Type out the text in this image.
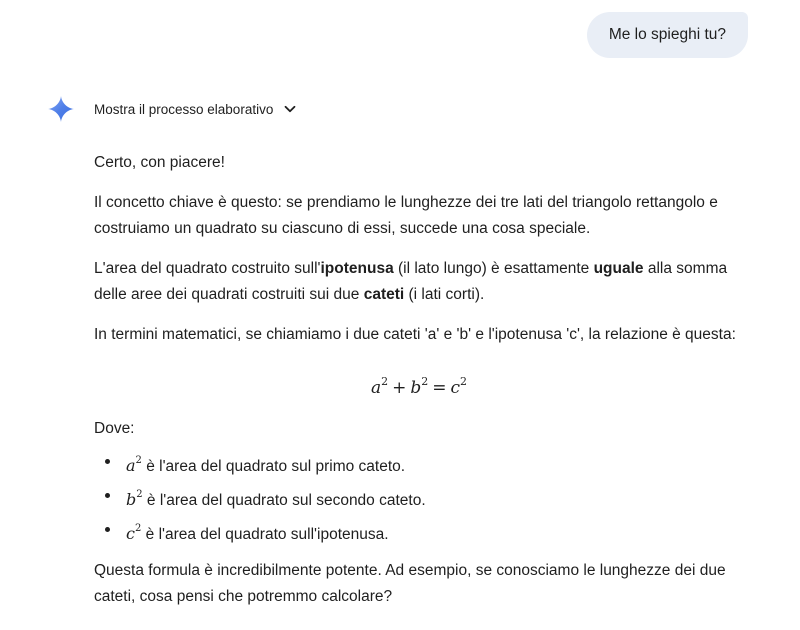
Me lo spieghi tu?
Mostra il processo elaborativo

Certo, con piacere!

Il concetto chiave è questo: se prendiamo le lunghezze dei tre lati del triangolo rettangolo e costruiamo un quadrato su ciascuno di essi, succede una cosa speciale.

L'area del quadrato costruito sull'ipotenusa (il lato lungo) è esattamente uguale alla somma delle aree dei quadrati costruiti sui due cateti (i lati corti).

In termini matematici, se chiamiamo i due cateti 'a' e 'b' e l'ipotenusa 'c', la relazione è questa:

$a^2 + b^2 = c^2$

Dove:

$a^2$ è l'area del quadrato sul primo cateto.
$b^2$ è l'area del quadrato sul secondo cateto.
$c^2$ è l'area del quadrato sull'ipotenusa.

Questa formula è incredibilmente potente. Ad esempio, se conosciamo le lunghezze dei due cateti, cosa pensi che potremmo calcolare?
